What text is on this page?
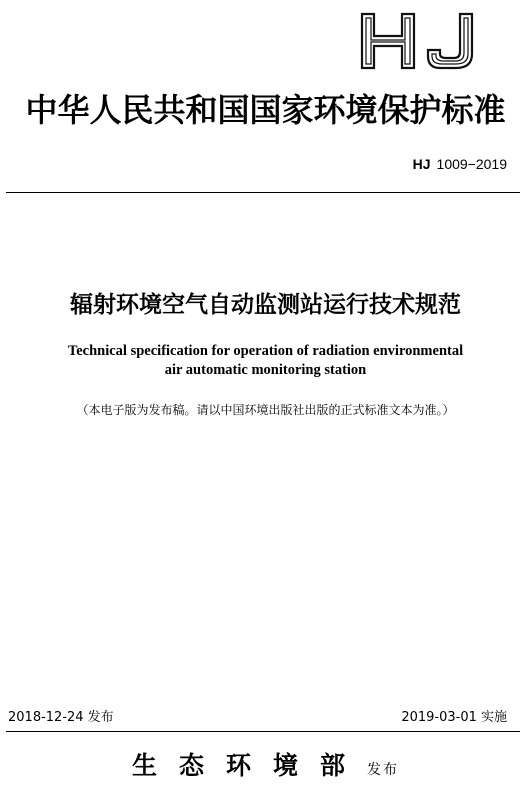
中华人民共和国国家环境保护标准
HJ 1009−2019
辐射环境空气自动监测站运行技术规范
Technical specification for operation of radiation environmental
air automatic monitoring station
（本电子版为发布稿。请以中国环境出版社出版的正式标准文本为准。）
2018-12-24 发布	2019-03-01 实施
生态环境部发布
